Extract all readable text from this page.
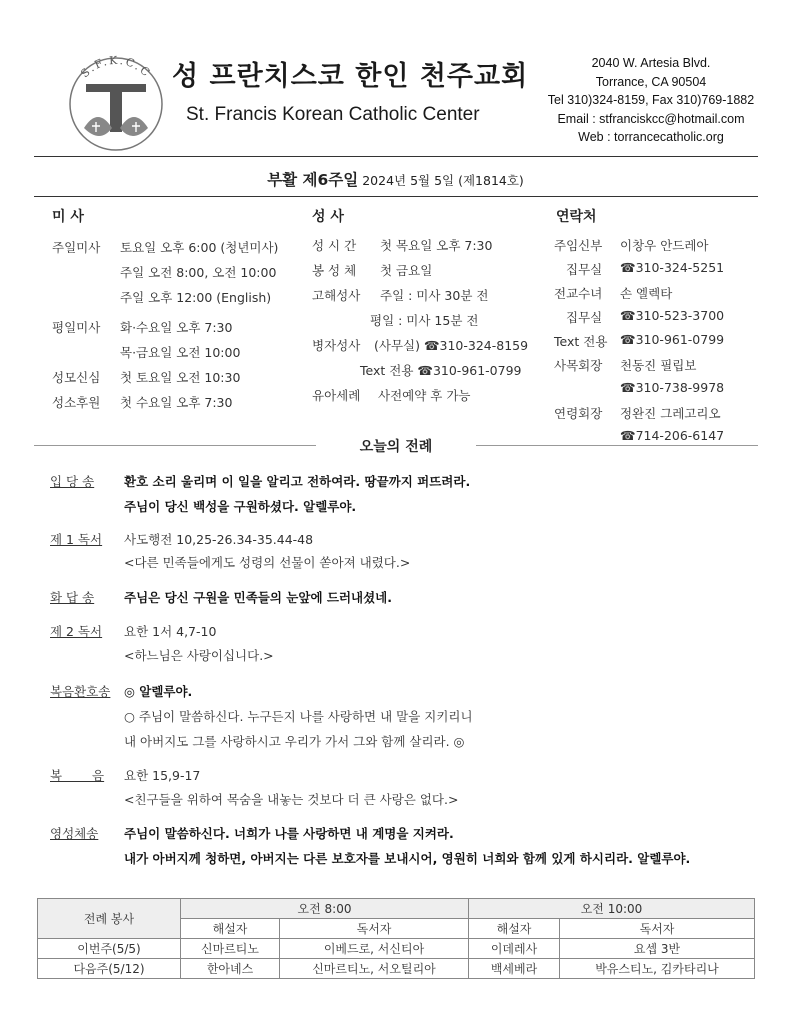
S.F.K.C.C 성 프란치스코 한인 천주교회
St. Francis Korean Catholic Center
2040 W. Artesia Blvd.
Torrance, CA 90504
Tel 310)324-8159, Fax 310)769-1882
Email : stfranciskcc@hotmail.com
Web : torrancecatholic.org
부활 제6주일 2024년 5월 5일 (제1814호)
미 사
주일미사 토요일 오후 6:00 (청년미사)
주일 오전 8:00, 오전 10:00
주일 오후 12:00 (English)
평일미사 화·수요일 오후 7:30
목·금요일 오전 10:00
성모신심 첫 토요일 오전 10:30
성소후원 첫 수요일 오후 7:30
성 사
성 시 간 첫 목요일 오후 7:30
봉 성 체 첫 금요일
고해성사 주일 : 미사 30분 전
평일 : 미사 15분 전
병자성사 (사무실) ☎310-324-8159
Text 전용 ☎310-961-0799
유아세례 사전예약 후 가능
연락처
주임신부 이창우 안드레아
집무실 ☎310-324-5251
전교수녀 손 엘렉타
집무실 ☎310-523-3700
Text 전용 ☎310-961-0799
사목회장 천동진 필립보
☎310-738-9978
연령회장 정완진 그레고리오
☎714-206-6147
오늘의 전례
입 당 송 환호 소리 울리며 이 일을 알리고 전하여라. 땅끝까지 퍼뜨려라.
주님이 당신 백성을 구원하셨다. 알렐루야.
제 1 독서 사도행전 10,25-26.34-35.44-48
<다른 민족들에게도 성령의 선물이 쏟아져 내렸다.>
화 답 송 주님은 당신 구원을 민족들의 눈앞에 드러내셨네.
제 2 독서 요한 1서 4,7-10
<하느님은 사랑이십니다.>
복음환호송 ◎ 알렐루야.
○ 주님이 말씀하신다. 누구든지 나를 사랑하면 내 말을 지키리니
내 아버지도 그를 사랑하시고 우리가 가서 그와 함께 살리라. ◎
복 음 요한 15,9-17
<친구들을 위하여 목숨을 내놓는 것보다 더 큰 사랑은 없다.>
영성체송 주님이 말씀하신다. 너희가 나를 사랑하면 내 계명을 지켜라.
내가 아버지께 청하면, 아버지는 다른 보호자를 보내시어, 영원히 너희와 함께 있게 하시리라. 알렐루야.
전례 봉사	오전 8:00		오전 10:00	
	해설자	독서자	해설자	독서자
이번주(5/5)	신마르티노	이베드로, 서신티아	이데레사	요셉 3반
다음주(5/12)	한아녜스	신마르티노, 서오틸리아	백세베라	박유스티노, 김카타리나
